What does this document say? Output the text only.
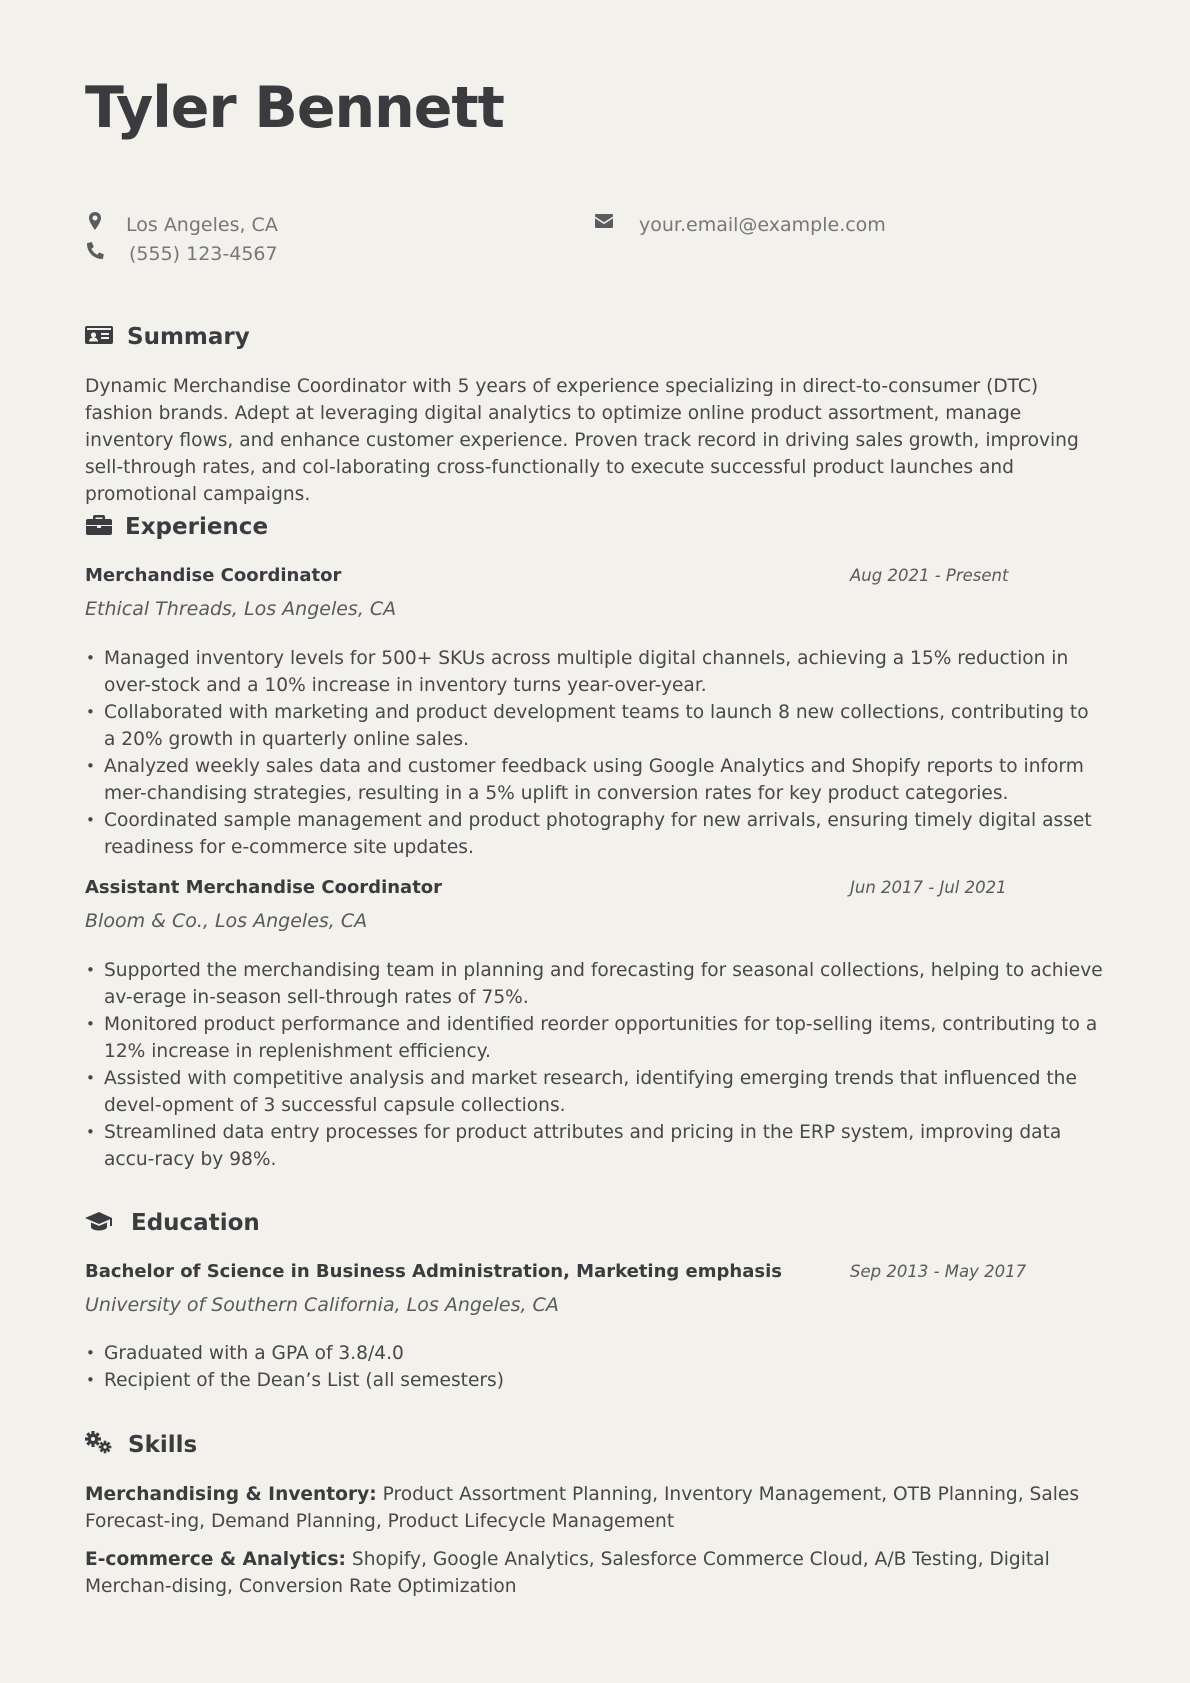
Tyler Bennett
Los Angeles, CA
(555) 123-4567
your.email@example.com
Summary

Dynamic Merchandise Coordinator with 5 years of experience specializing in direct-to-consumer (DTC) fashion brands. Adept at leveraging digital analytics to optimize online product assortment, manage inventory flows, and enhance customer experience. Proven track record in driving sales growth, improving sell-through rates, and col-laborating cross-functionally to execute successful product launches and promotional campaigns.

Experience
Merchandise Coordinator	Aug 2021 - Present
Ethical Threads, Los Angeles, CA
• Managed inventory levels for 500+ SKUs across multiple digital channels, achieving a 15% reduction in over-stock and a 10% increase in inventory turns year-over-year.
• Collaborated with marketing and product development teams to launch 8 new collections, contributing to a 20% growth in quarterly online sales.
• Analyzed weekly sales data and customer feedback using Google Analytics and Shopify reports to inform mer-chandising strategies, resulting in a 5% uplift in conversion rates for key product categories.
• Coordinated sample management and product photography for new arrivals, ensuring timely digital asset readiness for e-commerce site updates.
Assistant Merchandise Coordinator	Jun 2017 - Jul 2021
Bloom & Co., Los Angeles, CA
• Supported the merchandising team in planning and forecasting for seasonal collections, helping to achieve av-erage in-season sell-through rates of 75%.
• Monitored product performance and identified reorder opportunities for top-selling items, contributing to a 12% increase in replenishment efficiency.
• Assisted with competitive analysis and market research, identifying emerging trends that influenced the devel-opment of 3 successful capsule collections.
• Streamlined data entry processes for product attributes and pricing in the ERP system, improving data accu-racy by 98%.
Education
Bachelor of Science in Business Administration, Marketing emphasis	Sep 2013 - May 2017
University of Southern California, Los Angeles, CA
• Graduated with a GPA of 3.8/4.0
• Recipient of the Dean’s List (all semesters)
Skills

Merchandising & Inventory: Product Assortment Planning, Inventory Management, OTB Planning, Sales Forecast-ing, Demand Planning, Product Lifecycle Management

E-commerce & Analytics: Shopify, Google Analytics, Salesforce Commerce Cloud, A/B Testing, Digital Merchan-dising, Conversion Rate Optimization
